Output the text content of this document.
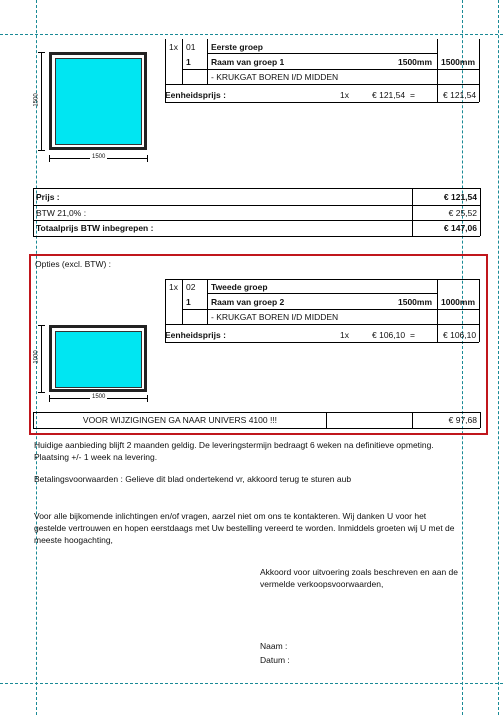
1x 01 Eerste groep
1 Raam van groep 1	1500mm 1500mm
- KRUKGAT BOREN I/D MIDDEN
Eenheidsprijs :	1x	€ 121,54 =	€ 121,54
1500
1500
Prijs :	€ 121,54
BTW 21,0% :	€ 25,52
Totaalprijs BTW inbegrepen :	€ 147,06
Opties (excl. BTW) :
1x 02 Tweede groep
1 Raam van groep 2	1500mm 1000mm
- KRUKGAT BOREN I/D MIDDEN
Eenheidsprijs :	1x	€ 106,10 =	€ 106,10
1000
1500
VOOR WIJZIGINGEN GA NAAR UNIVERS 4100 !!!	€ 97,68
Huidige aanbieding blijft 2 maanden geldig. De leveringstermijn bedraagt 6 weken na definitieve opmeting.
Plaatsing +/- 1 week na levering.
Betalingsvoorwaarden : Gelieve dit blad ondertekend vr, akkoord terug te sturen aub
Voor alle bijkomende inlichtingen en/of vragen, aarzel niet om ons te kontakteren. Wij danken U voor het
gestelde vertrouwen en hopen eerstdaags met Uw bestelling vereerd te worden. Inmiddels groeten wij U met de
meeste hoogachting,
Akkoord voor uitvoering zoals beschreven en aan de
vermelde verkoopsvoorwaarden,
Naam :
Datum :
